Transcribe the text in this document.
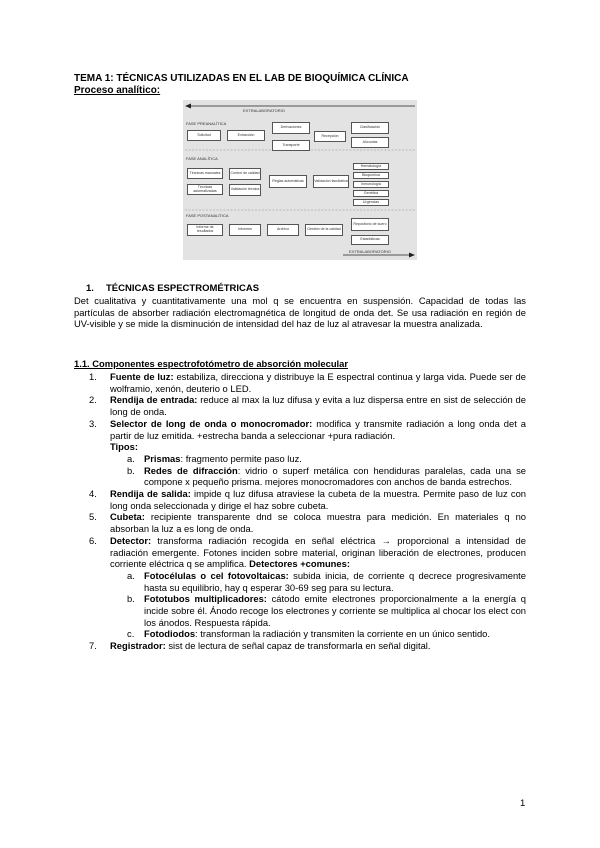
TEMA 1: TÉCNICAS UTILIZADAS EN EL LAB DE BIOQUÍMICA CLÍNICA
Proceso analítico:
EXTRALABORATORIO
FASE PREANALÍTICA
FASE ANALÍTICA
FASE POSTANALÍTICA
EXTRALABORATORIO
Solicitud	Extracción
Derivaciones
Transporte
Recepción
Clasificación
Alícuotas
Técnicas manuales
Técnicas automatizadas
Control de calidad
Validación técnica
Reglas automáticas	Validación facultativa
Hematología
Bioquímica
Inmunología
Genética
Urgencias
Informe de resultados	Informes	Archivo	Gestión de la calidad
Repositorio de suero
Estadísticas
1. TÉCNICAS ESPECTROMÉTRICAS
Det cualitativa y cuantitativamente una mol q se encuentra en suspensión. Capacidad de todas las partículas de absorber radiación electromagnética de longitud de onda det. Se usa radiación en región de UV-visible y se mide la disminución de intensidad del haz de luz al atravesar la muestra analizada.
1.1. Componentes espectrofotómetro de absorción molecular
1. Fuente de luz: estabiliza, direcciona y distribuye la E espectral continua y larga vida. Puede ser de wolframio, xenón, deuterio o LED.
2. Rendija de entrada: reduce al max la luz difusa y evita a luz dispersa entre en sist de selección de long de onda.
3. Selector de long de onda o monocromador: modifica y transmite radiación a long onda det a partir de luz emitida. +estrecha banda a seleccionar +pura radiación.
Tipos:
a. Prismas: fragmento permite paso luz.
b. Redes de difracción: vidrio o superf metálica con hendiduras paralelas, cada una se compone x pequeño prisma. mejores monocromadores con anchos de banda estrechos.
4. Rendija de salida: impide q luz difusa atraviese la cubeta de la muestra. Permite paso de luz con long onda seleccionada y dirige el haz sobre cubeta.
5. Cubeta: recipiente transparente dnd se coloca muestra para medición. En materiales q no absorban la luz a es long de onda.
6. Detector: transforma radiación recogida en señal eléctrica → proporcional a intensidad de radiación emergente. Fotones inciden sobre material, originan liberación de electrones, producen corriente eléctrica q se amplifica. Detectores +comunes:
a. Fotocélulas o cel fotovoltaicas: subida inicia, de corriente q decrece progresivamente hasta su equilibrio, hay q esperar 30-69 seg para su lectura.
b. Fototubos multiplicadores: cátodo emite electrones proporcionalmente a la energía q incide sobre él. Ánodo recoge los electrones y corriente se multiplica al chocar los elect con los ánodos. Respuesta rápida.
c. Fotodiodos: transforman la radiación y transmiten la corriente en un único sentido.
7. Registrador: sist de lectura de señal capaz de transformarla en señal digital.
1
